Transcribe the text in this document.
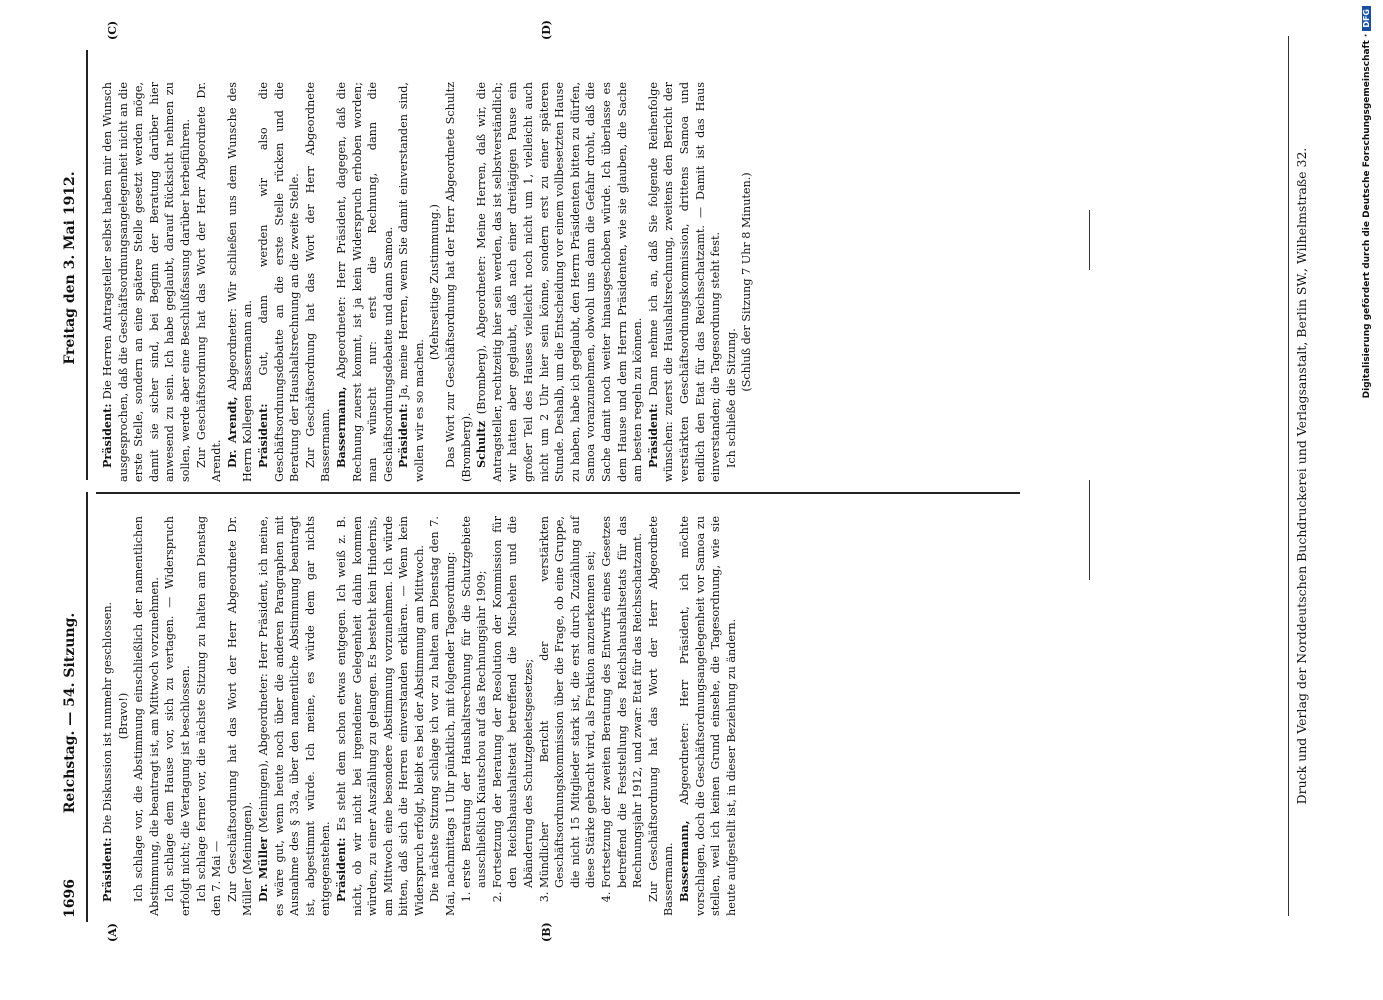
1696
Reichstag. — 54. Sitzung.
Freitag den 3. Mai 1912.
(A)	(B)
(C)	(D)

Präsident: Die Diskussion ist nunmehr geschlossen. (Bravo!) Ich schlage vor, die Abstimmung einschließlich der namentlichen Abstimmung, die beantragt ist, am Mittwoch vorzunehmen. Ich schlage dem Hause vor, sich zu vertagen. — Widerspruch erfolgt nicht; die Vertagung ist beschlossen. Ich schlage ferner vor, die nächste Sitzung zu halten am Dienstag den 7. Mai — Zur Geschäftsordnung hat das Wort der Herr Abgeordnete Dr. Müller (Meiningen). Dr. Müller (Meiningen), Abgeordneter: Herr Präsident, ich meine, es wäre gut, wenn heute noch über die anderen Paragraphen mit Ausnahme des § 33a, über den namentliche Abstimmung beantragt ist, abgestimmt würde. Ich meine, es würde dem gar nichts entgegenstehen. Präsident: Es steht dem schon etwas entgegen. Ich weiß z. B. nicht, ob wir nicht bei irgendeiner Gelegenheit dahin kommen würden, zu einer Auszählung zu gelangen. Es besteht kein Hindernis, am Mittwoch eine besondere Abstimmung vorzunehmen. Ich würde bitten, daß sich die Herren einverstanden erklären. — Wenn kein Widerspruch erfolgt, bleibt es bei der Abstimmung am Mittwoch. Die nächste Sitzung schlage ich vor zu halten am Dienstag den 7. Mai, nachmittags 1 Uhr pünktlich, mit folgender Tagesordnung: 1. erste Beratung der Haushaltsrechnung für die Schutzgebiete ausschließlich Kiautschou auf das Rechnungsjahr 1909; 2. Fortsetzung der Beratung der Resolution der Kommission für den Reichshaushaltsetat betreffend die Mischehen und die Abänderung des Schutzgebietsgesetzes; 3. Mündlicher Bericht der verstärkten Geschäftsordnungskommission über die Frage, ob eine Gruppe, die nicht 15 Mitglieder stark ist, die erst durch Zuzählung auf diese Stärke gebracht wird, als Fraktion anzuerkennen sei; 4. Fortsetzung der zweiten Beratung des Entwurfs eines Gesetzes betreffend die Feststellung des Reichshaushaltsetats für das Rechnungsjahr 1912, und zwar: Etat für das Reichsschatzamt. Zur Geschäftsordnung hat das Wort der Herr Abgeordnete Bassermann. Bassermann, Abgeordneter: Herr Präsident, ich möchte vorschlagen, doch die Geschäftsordnungsangelegenheit vor Samoa zu stellen, weil ich keinen Grund einsehe, die Tagesordnung, wie sie heute aufgestellt ist, in dieser Beziehung zu ändern.

Präsident: Die Herren Antragsteller selbst haben mir den Wunsch ausgesprochen, daß die Geschäftsordnungsangelegenheit nicht an die erste Stelle, sondern an eine spätere Stelle gesetzt werden möge, damit sie sicher sind, bei Beginn der Beratung darüber hier anwesend zu sein. Ich habe geglaubt, darauf Rücksicht nehmen zu sollen, werde aber eine Beschlußfassung darüber herbeiführen. Zur Geschäftsordnung hat das Wort der Herr Abgeordnete Dr. Arendt. Dr. Arendt, Abgeordneter: Wir schließen uns dem Wunsche des Herrn Kollegen Bassermann an. Präsident: Gut, dann werden wir also die Geschäftsordnungsdebatte an die erste Stelle rücken und die Beratung der Haushaltsrechnung an die zweite Stelle. Zur Geschäftsordnung hat das Wort der Herr Abgeordnete Bassermann. Bassermann, Abgeordneter: Herr Präsident, dagegen, daß die Rechnung zuerst kommt, ist ja kein Widerspruch erhoben worden; man wünscht nur: erst die Rechnung, dann die Geschäftsordnungsdebatte und dann Samoa. Präsident: Ja, meine Herren, wenn Sie damit einverstanden sind, wollen wir es so machen.

(Mehrseitige Zustimmung.) Das Wort zur Geschäftsordnung hat der Herr Abgeordnete Schultz (Bromberg). Schultz (Bromberg), Abgeordneter: Meine Herren, daß wir, die Antragsteller, rechtzeitig hier sein werden, das ist selbstverständlich; wir hatten aber geglaubt, daß nach einer dreitägigen Pause ein großer Teil des Hauses vielleicht noch nicht um 1, vielleicht auch nicht um 2 Uhr hier sein könne, sondern erst zu einer späteren Stunde. Deshalb, um die Entscheidung vor einem vollbesetzten Hause zu haben, habe ich geglaubt, den Herrn Präsidenten bitten zu dürfen, Samoa voranzunehmen, obwohl uns dann die Gefahr droht, daß die Sache damit noch weiter hinausgeschoben würde. Ich überlasse es dem Hause und dem Herrn Präsidenten, wie sie glauben, die Sache am besten regeln zu können. Präsident: Dann nehme ich an, daß Sie folgende Reihenfolge wünschen: zuerst die Haushaltsrechnung, zweitens den Bericht der verstärkten Geschäftsordnungskommission, drittens Samoa und endlich den Etat für das Reichsschatzamt. — Damit ist das Haus einverstanden; die Tagesordnung steht fest. Ich schließe die Sitzung.

(Schluß der Sitzung 7 Uhr 8 Minuten.)	Druck und Verlag der Norddeutschen Buchdruckerei und Verlagsanstalt, Berlin SW., Wilhelmstraße 32.	Digitalisierung gefördert durch die Deutsche Forschungsgemeinschaft ·DFG
